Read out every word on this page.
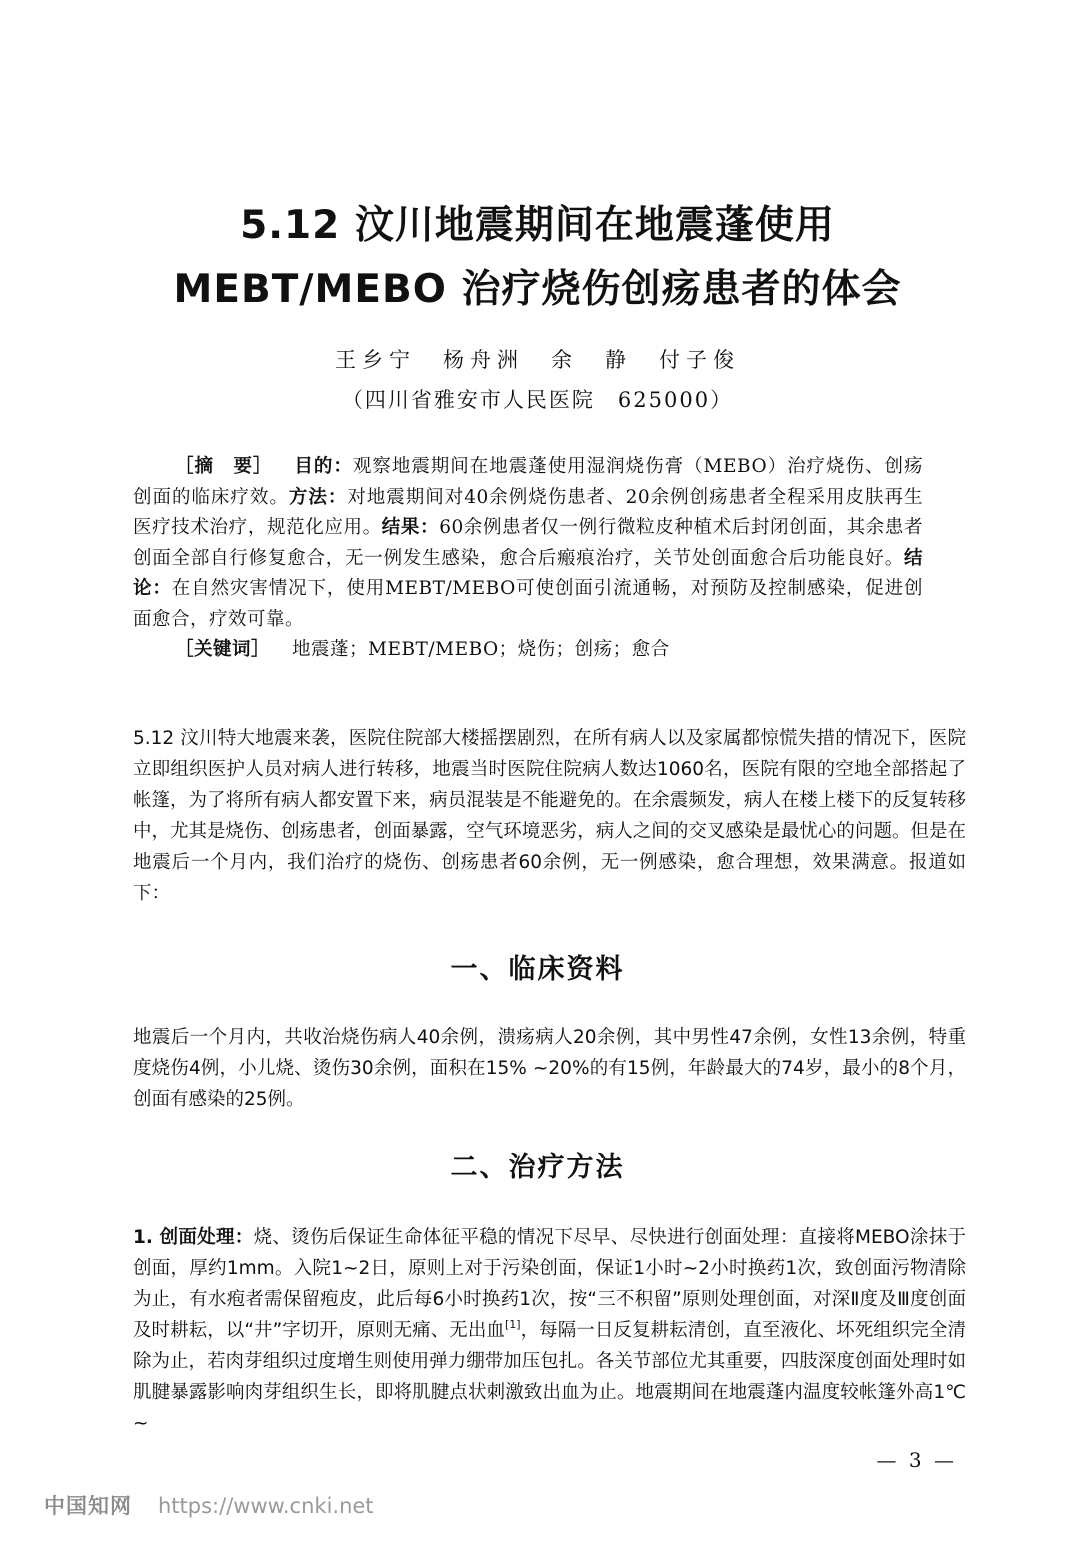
5.12 汶川地震期间在地震蓬使用
MEBT/MEBO 治疗烧伤创疡患者的体会
王乡宁　杨舟洲　余　静　付子俊
（四川省雅安市人民医院　625000）

［摘　要］ 目的：观察地震期间在地震蓬使用湿润烧伤膏（MEBO）治疗烧伤、创疡创面的临床疗效。方法：对地震期间对40余例烧伤患者、20余例创疡患者全程采用皮肤再生医疗技术治疗，规范化应用。结果：60余例患者仅一例行微粒皮种植术后封闭创面，其余患者创面全部自行修复愈合，无一例发生感染，愈合后瘢痕治疗，关节处创面愈合后功能良好。结论：在自然灾害情况下，使用MEBT/MEBO可使创面引流通畅，对预防及控制感染，促进创面愈合，疗效可靠。

［关键词］ 地震蓬；MEBT/MEBO；烧伤；创疡；愈合

5.12 汶川特大地震来袭，医院住院部大楼摇摆剧烈，在所有病人以及家属都惊慌失措的情况下，医院立即组织医护人员对病人进行转移，地震当时医院住院病人数达1060名，医院有限的空地全部搭起了帐篷，为了将所有病人都安置下来，病员混装是不能避免的。在余震频发，病人在楼上楼下的反复转移中，尤其是烧伤、创疡患者，创面暴露，空气环境恶劣，病人之间的交叉感染是最忧心的问题。但是在地震后一个月内，我们治疗的烧伤、创疡患者60余例，无一例感染，愈合理想，效果满意。报道如下：

一、临床资料

地震后一个月内，共收治烧伤病人40余例，溃疡病人20余例，其中男性47余例，女性13余例，特重度烧伤4例，小儿烧、烫伤30余例，面积在15% ~20%的有15例，年龄最大的74岁，最小的8个月，创面有感染的25例。

二、治疗方法

1. 创面处理：烧、烫伤后保证生命体征平稳的情况下尽早、尽快进行创面处理：直接将MEBO涂抹于创面，厚约1mm。入院1~2日，原则上对于污染创面，保证1小时~2小时换药1次，致创面污物清除为止，有水疱者需保留疱皮，此后每6小时换药1次，按“三不积留”原则处理创面，对深Ⅱ度及Ⅲ度创面及时耕耘，以“井”字切开，原则无痛、无出血[1]，每隔一日反复耕耘清创，直至液化、坏死组织完全清除为止，若肉芽组织过度增生则使用弹力绷带加压包扎。各关节部位尤其重要，四肢深度创面处理时如肌腱暴露影响肉芽组织生长，即将肌腱点状刺激致出血为止。地震期间在地震蓬内温度较帐篷外高1℃ ~

— 3 —
中国知网 https://www.cnki.net
